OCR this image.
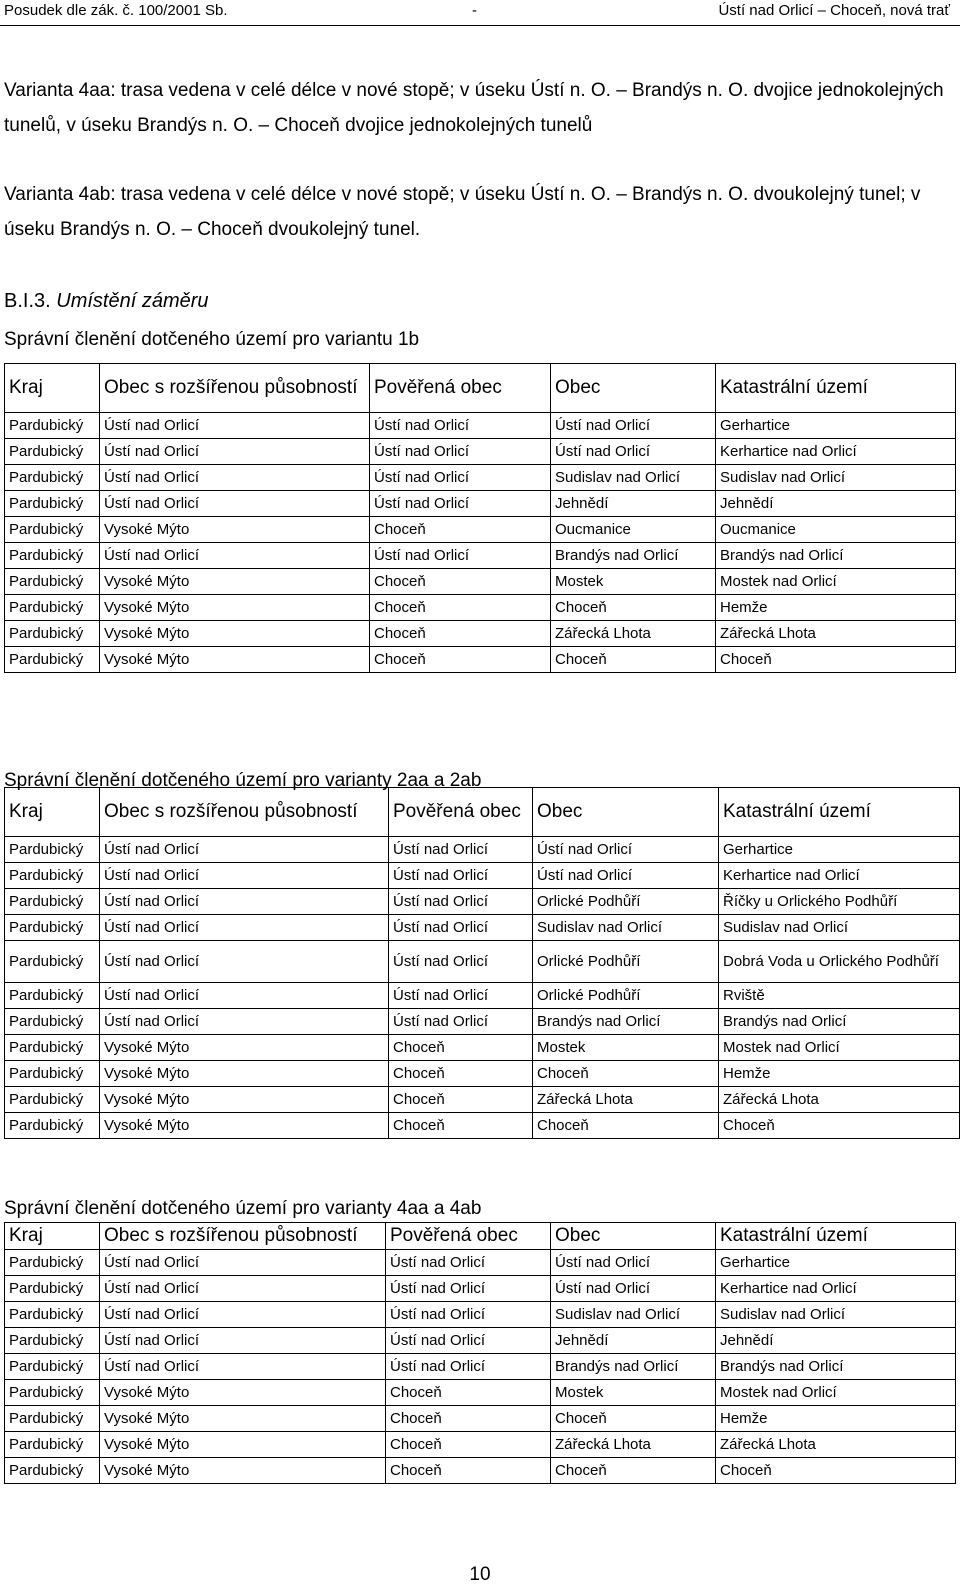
Posudek dle zák. č. 100/2001 Sb.	-	Ústí nad Orlicí – Choceň, nová trať
Varianta 4aa: trasa vedena v celé délce v nové stopě; v úseku Ústí n. O. – Brandýs n. O. dvojice jednokolejných tunelů, v úseku Brandýs n. O. – Choceň dvojice jednokolejných tunelů
Varianta 4ab: trasa vedena v celé délce v nové stopě; v úseku Ústí n. O. – Brandýs n. O. dvoukolejný tunel; v úseku Brandýs n. O. – Choceň dvoukolejný tunel.
B.I.3. Umístění záměru
Správní členění dotčeného území pro variantu 1b
Kraj	Obec s rozšířenou působností	Pověřená obec	Obec	Katastrální území
Pardubický	Ústí nad Orlicí	Ústí nad Orlicí	Ústí nad Orlicí	Gerhartice
Pardubický	Ústí nad Orlicí	Ústí nad Orlicí	Ústí nad Orlicí	Kerhartice nad Orlicí
Pardubický	Ústí nad Orlicí	Ústí nad Orlicí	Sudislav nad Orlicí	Sudislav nad Orlicí
Pardubický	Ústí nad Orlicí	Ústí nad Orlicí	Jehnědí	Jehnědí
Pardubický	Vysoké Mýto	Choceň	Oucmanice	Oucmanice
Pardubický	Ústí nad Orlicí	Ústí nad Orlicí	Brandýs nad Orlicí	Brandýs nad Orlicí
Pardubický	Vysoké Mýto	Choceň	Mostek	Mostek nad Orlicí
Pardubický	Vysoké Mýto	Choceň	Choceň	Hemže
Pardubický	Vysoké Mýto	Choceň	Zářecká Lhota	Zářecká Lhota
Pardubický	Vysoké Mýto	Choceň	Choceň	Choceň
Správní členění dotčeného území pro varianty 2aa a 2ab
Kraj	Obec s rozšířenou působností	Pověřená obec	Obec	Katastrální území
Pardubický	Ústí nad Orlicí	Ústí nad Orlicí	Ústí nad Orlicí	Gerhartice
Pardubický	Ústí nad Orlicí	Ústí nad Orlicí	Ústí nad Orlicí	Kerhartice nad Orlicí
Pardubický	Ústí nad Orlicí	Ústí nad Orlicí	Orlické Podhůří	Říčky u Orlického Podhůří
Pardubický	Ústí nad Orlicí	Ústí nad Orlicí	Sudislav nad Orlicí	Sudislav nad Orlicí
Pardubický	Ústí nad Orlicí	Ústí nad Orlicí	Orlické Podhůří	Dobrá Voda u Orlického Podhůří
Pardubický	Ústí nad Orlicí	Ústí nad Orlicí	Orlické Podhůří	Rviště
Pardubický	Ústí nad Orlicí	Ústí nad Orlicí	Brandýs nad Orlicí	Brandýs nad Orlicí
Pardubický	Vysoké Mýto	Choceň	Mostek	Mostek nad Orlicí
Pardubický	Vysoké Mýto	Choceň	Choceň	Hemže
Pardubický	Vysoké Mýto	Choceň	Zářecká Lhota	Zářecká Lhota
Pardubický	Vysoké Mýto	Choceň	Choceň	Choceň
Správní členění dotčeného území pro varianty 4aa a 4ab
Kraj	Obec s rozšířenou působností	Pověřená obec	Obec	Katastrální území
Pardubický	Ústí nad Orlicí	Ústí nad Orlicí	Ústí nad Orlicí	Gerhartice
Pardubický	Ústí nad Orlicí	Ústí nad Orlicí	Ústí nad Orlicí	Kerhartice nad Orlicí
Pardubický	Ústí nad Orlicí	Ústí nad Orlicí	Sudislav nad Orlicí	Sudislav nad Orlicí
Pardubický	Ústí nad Orlicí	Ústí nad Orlicí	Jehnědí	Jehnědí
Pardubický	Ústí nad Orlicí	Ústí nad Orlicí	Brandýs nad Orlicí	Brandýs nad Orlicí
Pardubický	Vysoké Mýto	Choceň	Mostek	Mostek nad Orlicí
Pardubický	Vysoké Mýto	Choceň	Choceň	Hemže
Pardubický	Vysoké Mýto	Choceň	Zářecká Lhota	Zářecká Lhota
Pardubický	Vysoké Mýto	Choceň	Choceň	Choceň
10
